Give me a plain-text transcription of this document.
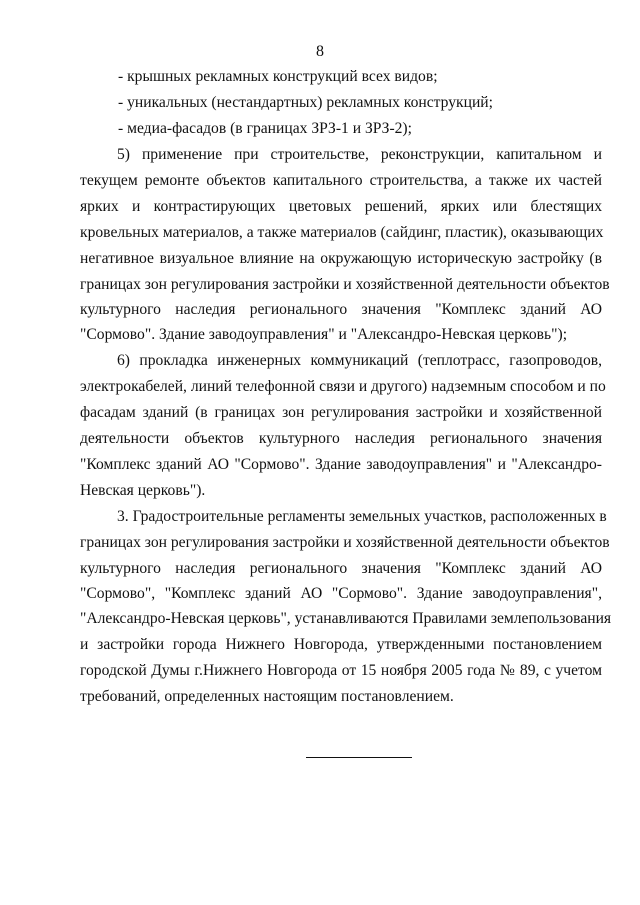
8
- крышных рекламных конструкций всех видов;
- уникальных (нестандартных) рекламных конструкций;
- медиа-фасадов (в границах ЗРЗ-1 и ЗРЗ-2);
5) применение при строительстве, реконструкции, капитальном и
текущем ремонте объектов капитального строительства, а также их частей
ярких и контрастирующих цветовых решений, ярких или блестящих
кровельных материалов, а также материалов (сайдинг, пластик), оказывающих
негативное визуальное влияние на окружающую историческую застройку (в
границах зон регулирования застройки и хозяйственной деятельности объектов
культурного наследия регионального значения "Комплекс зданий АО
"Сормово". Здание заводоуправления" и "Александро-Невская церковь");
6) прокладка инженерных коммуникаций (теплотрасс, газопроводов,
электрокабелей, линий телефонной связи и другого) надземным способом и по
фасадам зданий (в границах зон регулирования застройки и хозяйственной
деятельности объектов культурного наследия регионального значения
"Комплекс зданий АО "Сормово". Здание заводоуправления" и "Александро-
Невская церковь").
3. Градостроительные регламенты земельных участков, расположенных в
границах зон регулирования застройки и хозяйственной деятельности объектов
культурного наследия регионального значения "Комплекс зданий АО
"Сормово", "Комплекс зданий АО "Сормово". Здание заводоуправления",
"Александро-Невская церковь", устанавливаются Правилами землепользования
и застройки города Нижнего Новгорода, утвержденными постановлением
городской Думы г.Нижнего Новгорода от 15 ноября 2005 года № 89, с учетом
требований, определенных настоящим постановлением.
